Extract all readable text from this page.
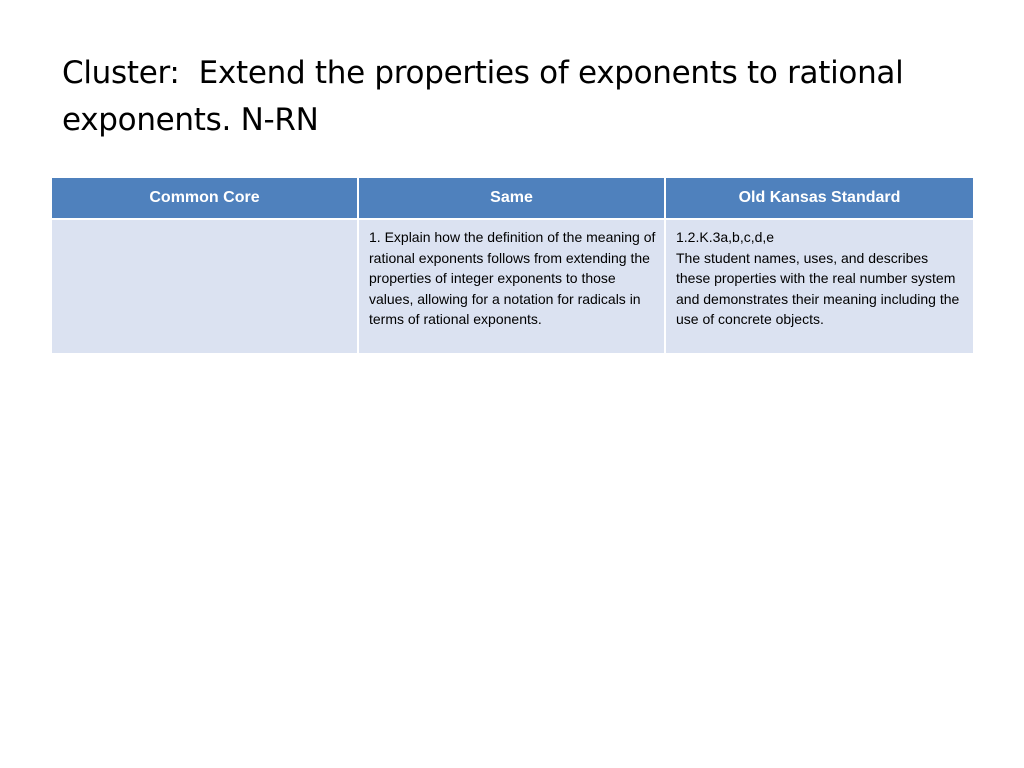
Cluster:  Extend the properties of exponents to rational exponents. N-RN
Common Core	Same	Old Kansas Standard
	1. Explain how the definition of the meaning of rational exponents follows from extending the properties of integer exponents to those values, allowing for a notation for radicals in terms of rational exponents.	1.2.K.3a,b,c,d,e
The student names, uses, and describes these properties with the real number system and demonstrates their meaning including the use of concrete objects.
